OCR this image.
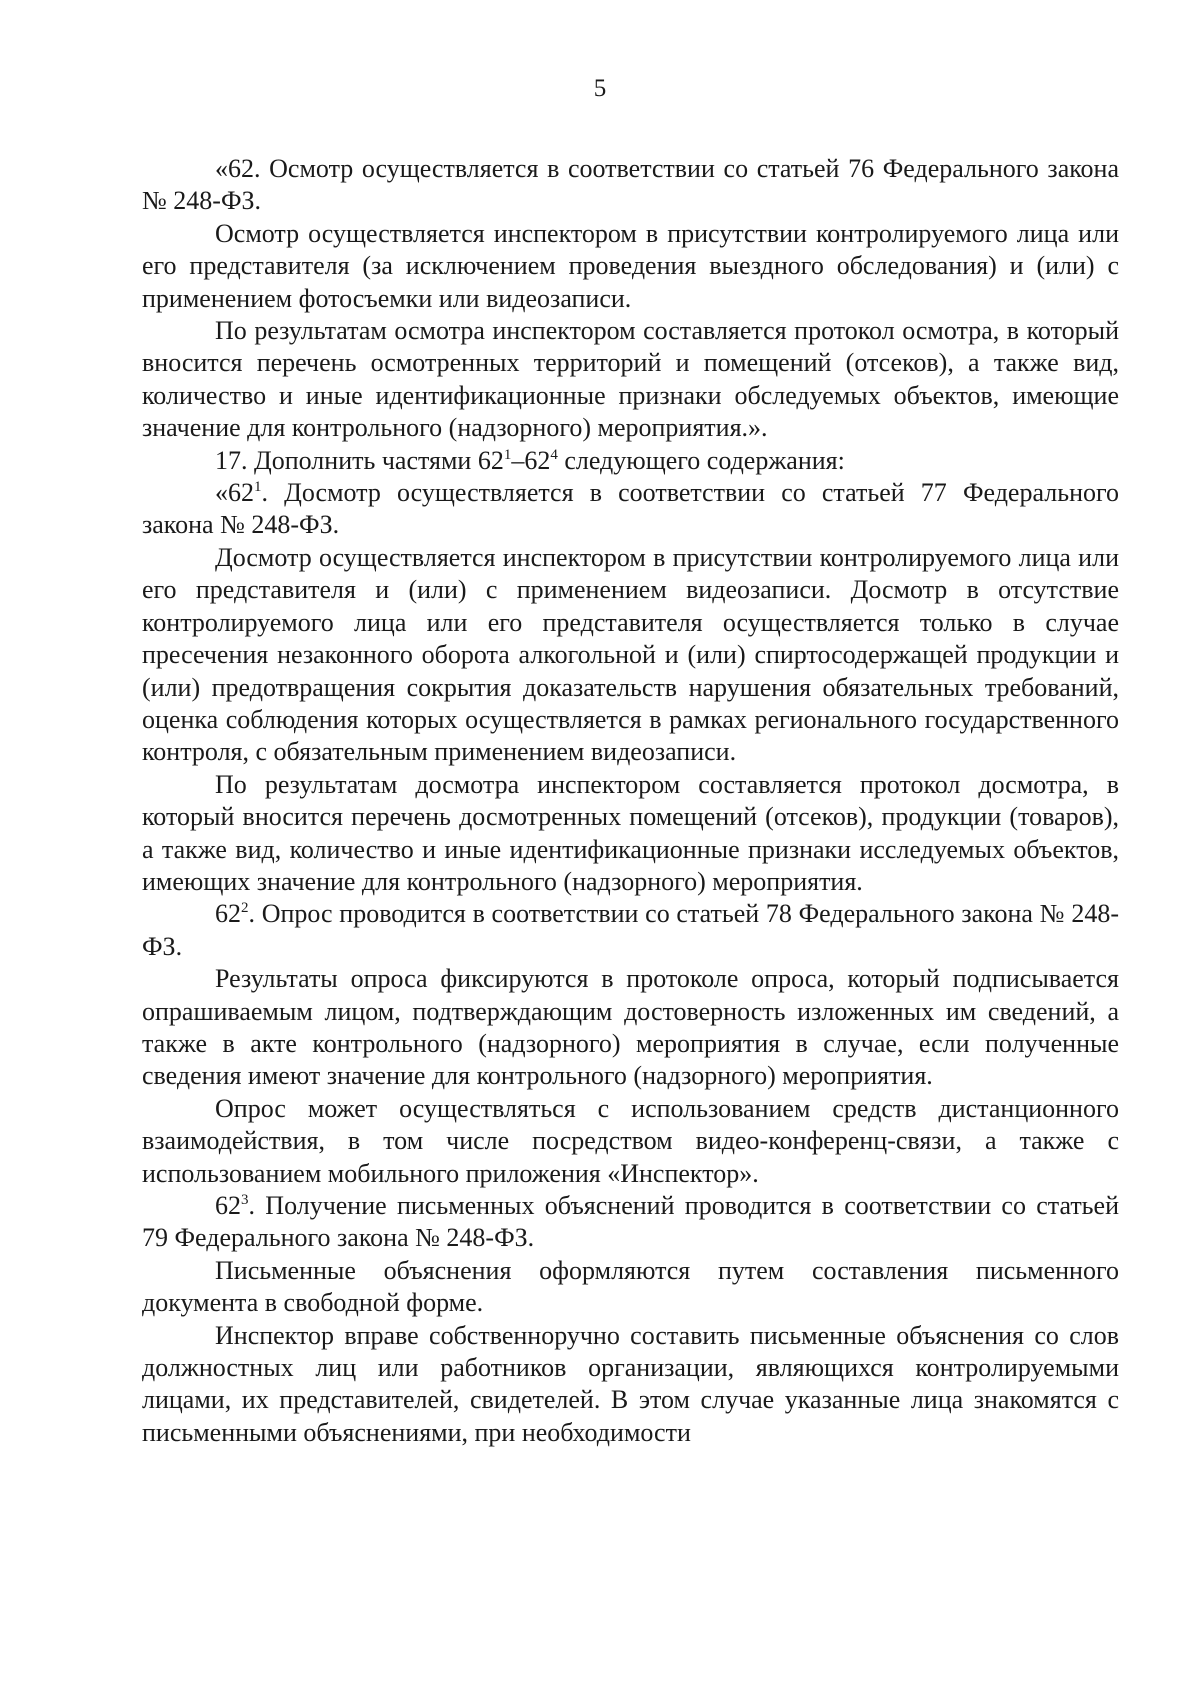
5

«62. Осмотр осуществляется в соответствии со статьей 76 Федерального закона № 248-ФЗ.

Осмотр осуществляется инспектором в присутствии контролируемого лица или его представителя (за исключением проведения выездного обследования) и (или) с применением фотосъемки или видеозаписи.

По результатам осмотра инспектором составляется протокол осмотра, в который вносится перечень осмотренных территорий и помещений (отсеков), а также вид, количество и иные идентификационные признаки обследуемых объектов, имеющие значение для контрольного (надзорного) мероприятия.».

17. Дополнить частями $62^1-62^4$ следующего содержания:

«$62^1$. Досмотр осуществляется в соответствии со статьей 77 Федерального закона № 248-ФЗ.

Досмотр осуществляется инспектором в присутствии контролируемого лица или его представителя и (или) с применением видеозаписи. Досмотр в отсутствие контролируемого лица или его представителя осуществляется только в случае пресечения незаконного оборота алкогольной и (или) спиртосодержащей продукции и (или) предотвращения сокрытия доказательств нарушения обязательных требований, оценка соблюдения которых осуществляется в рамках регионального государственного контроля, с обязательным применением видеозаписи.

По результатам досмотра инспектором составляется протокол досмотра, в который вносится перечень досмотренных помещений (отсеков), продукции (товаров), а также вид, количество и иные идентификационные признаки исследуемых объектов, имеющих значение для контрольного (надзорного) мероприятия.

$62^2$. Опрос проводится в соответствии со статьей 78 Федерального закона № 248-ФЗ.

Результаты опроса фиксируются в протоколе опроса, который подписывается опрашиваемым лицом, подтверждающим достоверность изложенных им сведений, а также в акте контрольного (надзорного) мероприятия в случае, если полученные сведения имеют значение для контрольного (надзорного) мероприятия.

Опрос может осуществляться с использованием средств дистанционного взаимодействия, в том числе посредством видео-конференц-связи, а также с использованием мобильного приложения «Инспектор».

$62^3$. Получение письменных объяснений проводится в соответствии со статьей 79 Федерального закона № 248-ФЗ.

Письменные объяснения оформляются путем составления письменного документа в свободной форме.

Инспектор вправе собственноручно составить письменные объяснения со слов должностных лиц или работников организации, являющихся контролируемыми лицами, их представителей, свидетелей. В этом случае указанные лица знакомятся с письменными объяснениями, при необходимости
